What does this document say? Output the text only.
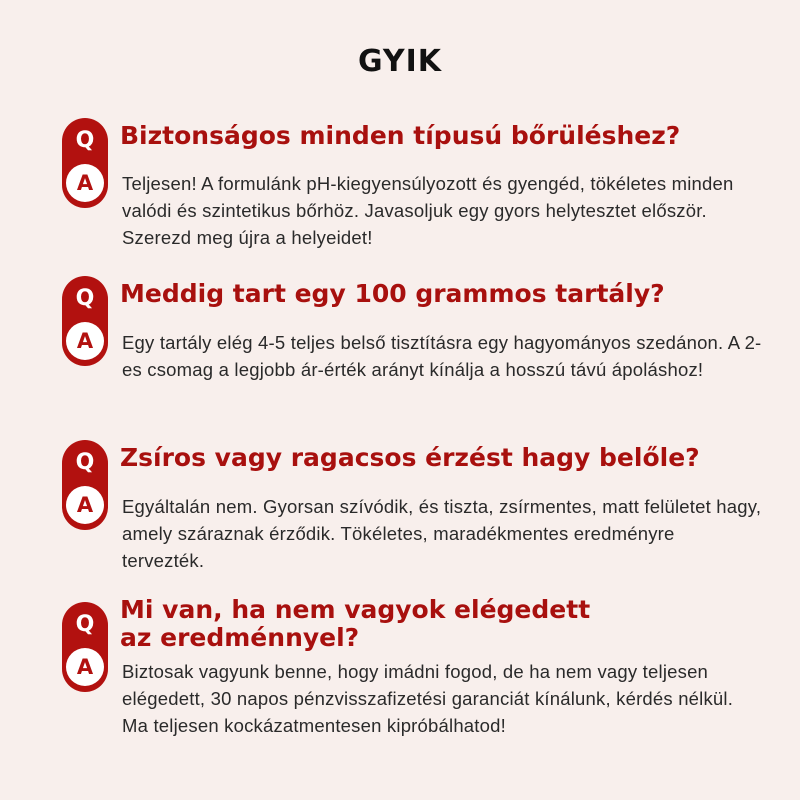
GYIK
Q
A
Biztonságos minden típusú bőrüléshez?
Teljesen! A formulánk pH-kiegyensúlyozott és gyengéd, tökéletes minden valódi és szintetikus bőrhöz. Javasoljuk egy gyors helytesztet először. Szerezd meg újra a helyeidet!
Q
A
Meddig tart egy 100 grammos tartály?
Egy tartály elég 4-5 teljes belső tisztításra egy hagyományos szedánon. A 2-es csomag a legjobb ár-érték arányt kínálja a hosszú távú ápoláshoz!
Q
A
Zsíros vagy ragacsos érzést hagy belőle?
Egyáltalán nem. Gyorsan szívódik, és tiszta, zsírmentes, matt felületet hagy, amely száraznak érződik. Tökéletes, maradékmentes eredményre tervezték.
Q
A
Mi van, ha nem vagyok elégedett
az eredménnyel?
Biztosak vagyunk benne, hogy imádni fogod, de ha nem vagy teljesen elégedett, 30 napos pénzvisszafizetési garanciát kínálunk, kérdés nélkül. Ma teljesen kockázatmentesen kipróbálhatod!
